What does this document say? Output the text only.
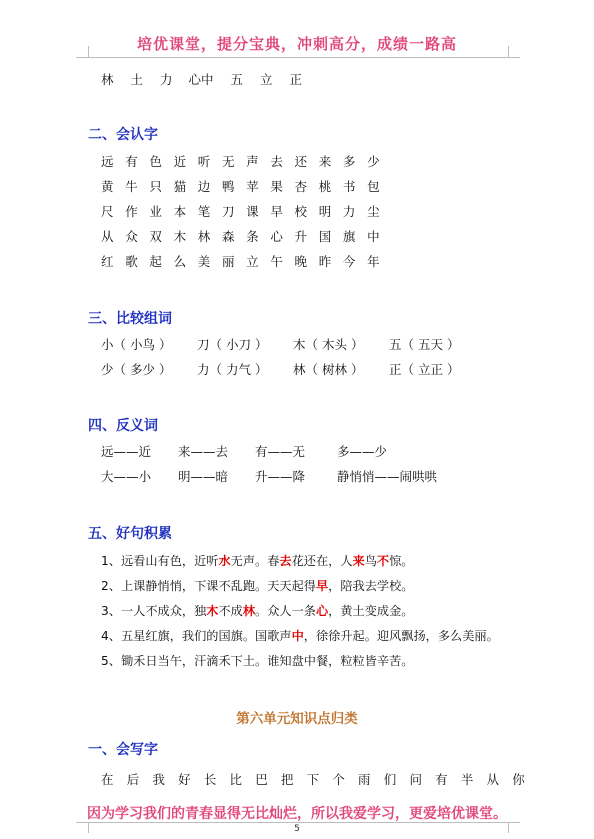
培优课堂，提分宝典，冲刺高分，成绩一路高
林 土 力 心中 五 立 正
二、会认字
远 有 色 近 听 无 声 去 还 来 多 少
黄 牛 只 猫 边 鸭 苹 果 杏 桃 书 包
尺 作 业 本 笔 刀 课 早 校 明 力 尘
从 众 双 木 林 森 条 心 升 国 旗 中
红 歌 起 么 美 丽 立 午 晚 昨 今 年
三、比较组词
小（ 小鸟 ）	刀（ 小刀 ）	木（ 木头 ）	五（ 五天 ）
少（ 多少 ）	力（ 力气 ）	林（ 树林 ）	正（ 立正 ）
四、反义词
远——近	来——去	有——无	多——少
大——小	明——暗	升——降	静悄悄——闹哄哄
五、好句积累
1、远看山有色，近听水无声。春去花还在，人来鸟不惊。
2、上课静悄悄，下课不乱跑。天天起得早，陪我去学校。
3、一人不成众，独木不成林。众人一条心，黄土变成金。
4、五星红旗，我们的国旗。国歌声中，徐徐升起。迎风飘扬，多么美丽。
5、锄禾日当午，汗滴禾下土。谁知盘中餐，粒粒皆辛苦。
第六单元知识点归类
一、会写字
在 后 我 好 长 比 巴 把 下 个 雨 们 问 有 半 从 你
因为学习我们的青春显得无比灿烂，所以我爱学习，更爱培优课堂。
5
